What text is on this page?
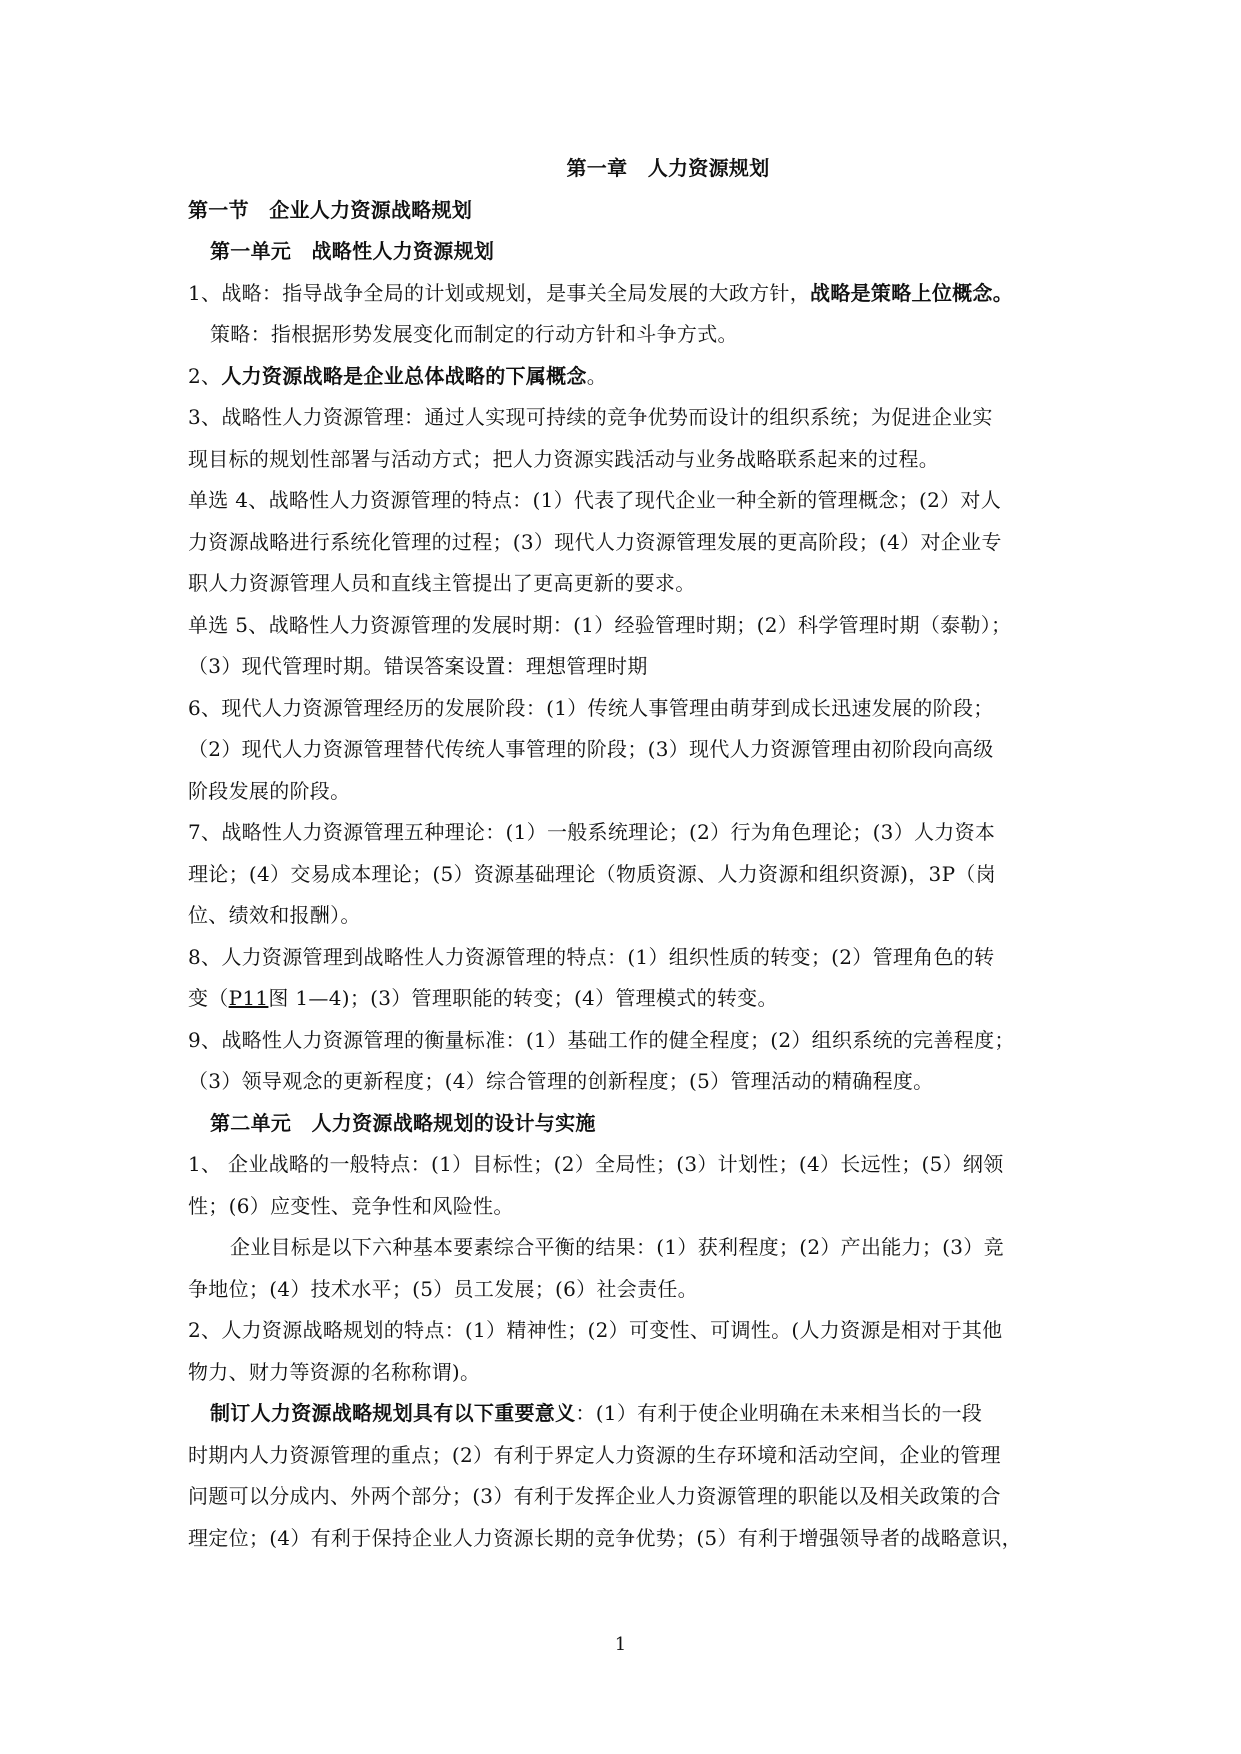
第一章　人力资源规划
第一节　企业人力资源战略规划
第一单元　战略性人力资源规划
1、战略：指导战争全局的计划或规划，是事关全局发展的大政方针，战略是策略上位概念。
策略：指根据形势发展变化而制定的行动方针和斗争方式。
2、人力资源战略是企业总体战略的下属概念。
3、战略性人力资源管理：通过人实现可持续的竞争优势而设计的组织系统；为促进企业实
现目标的规划性部署与活动方式；把人力资源实践活动与业务战略联系起来的过程。
单选 4、战略性人力资源管理的特点：(1）代表了现代企业一种全新的管理概念；(2）对人
力资源战略进行系统化管理的过程；(3）现代人力资源管理发展的更高阶段；(4）对企业专
职人力资源管理人员和直线主管提出了更高更新的要求。
单选 5、战略性人力资源管理的发展时期：(1）经验管理时期；(2）科学管理时期（泰勒）；
（3）现代管理时期。错误答案设置：理想管理时期
6、现代人力资源管理经历的发展阶段：(1）传统人事管理由萌芽到成长迅速发展的阶段；
（2）现代人力资源管理替代传统人事管理的阶段；(3）现代人力资源管理由初阶段向高级
阶段发展的阶段。
7、战略性人力资源管理五种理论：(1）一般系统理论；(2）行为角色理论；(3）人力资本
理论；(4）交易成本理论；(5）资源基础理论（物质资源、人力资源和组织资源)，3P（岗
位、绩效和报酬）。
8、人力资源管理到战略性人力资源管理的特点：(1）组织性质的转变；(2）管理角色的转
变（P11图 1—4)；(3）管理职能的转变；(4）管理模式的转变。
9、战略性人力资源管理的衡量标准：(1）基础工作的健全程度；(2）组织系统的完善程度；
（3）领导观念的更新程度；(4）综合管理的创新程度；(5）管理活动的精确程度。
第二单元　人力资源战略规划的设计与实施
1、 企业战略的一般特点：(1）目标性；(2）全局性；(3）计划性；(4）长远性；(5）纲领
性；(6）应变性、竞争性和风险性。
企业目标是以下六种基本要素综合平衡的结果：(1）获利程度；(2）产出能力；(3）竞
争地位；(4）技术水平；(5）员工发展；(6）社会责任。
2、人力资源战略规划的特点：(1）精神性；(2）可变性、可调性。(人力资源是相对于其他
物力、财力等资源的名称称谓)。
制订人力资源战略规划具有以下重要意义：(1）有利于使企业明确在未来相当长的一段
时期内人力资源管理的重点；(2）有利于界定人力资源的生存环境和活动空间，企业的管理
问题可以分成内、外两个部分；(3）有利于发挥企业人力资源管理的职能以及相关政策的合
理定位；(4）有利于保持企业人力资源长期的竞争优势；(5）有利于增强领导者的战略意识，
1
